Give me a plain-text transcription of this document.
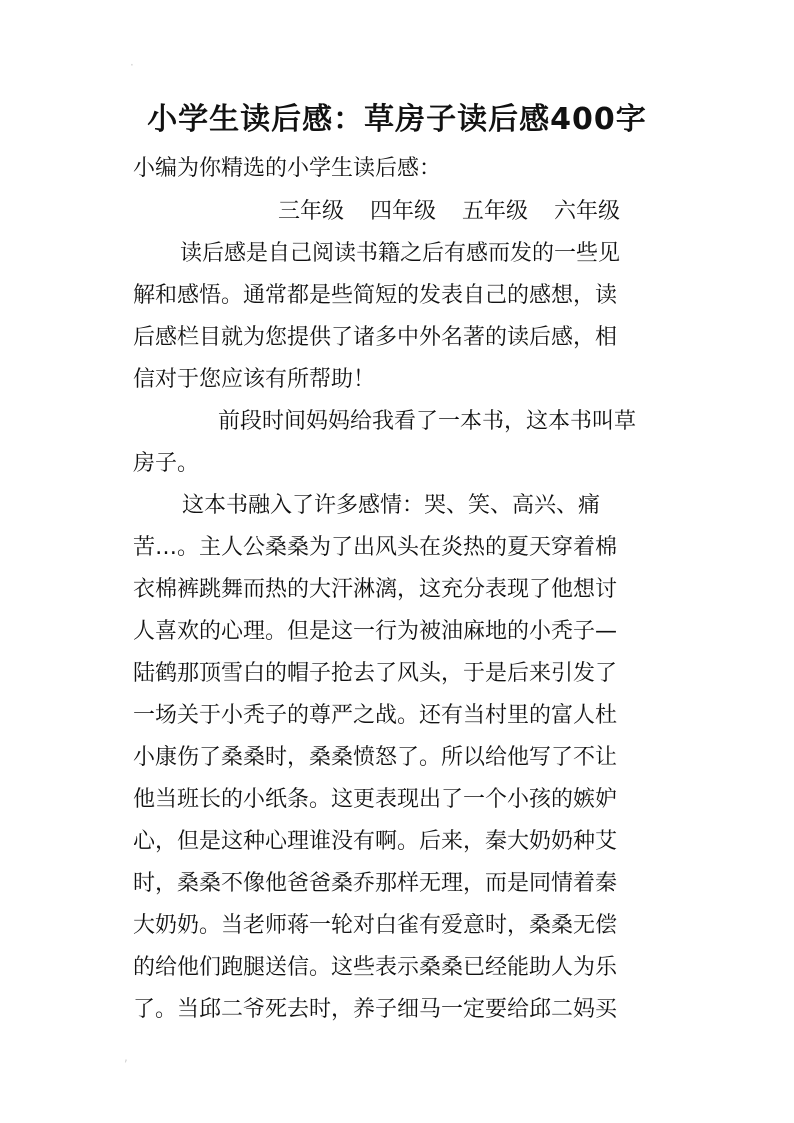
·
小学生读后感：草房子读后感400字
小编为你精选的小学生读后感：
三年级 四年级 五年级 六年级
读后感是自己阅读书籍之后有感而发的一些见
解和感悟。通常都是些简短的发表自己的感想，读
后感栏目就为您提供了诸多中外名著的读后感，相
信对于您应该有所帮助！
前段时间妈妈给我看了一本书，这本书叫草
房子。
这本书融入了许多感情：哭、笑、高兴、痛
苦…。主人公桑桑为了出风头在炎热的夏天穿着棉
衣棉裤跳舞而热的大汗淋漓，这充分表现了他想讨
人喜欢的心理。但是这一行为被油麻地的小秃子—
陆鹤那顶雪白的帽子抢去了风头，于是后来引发了
一场关于小秃子的尊严之战。还有当村里的富人杜
小康伤了桑桑时，桑桑愤怒了。所以给他写了不让
他当班长的小纸条。这更表现出了一个小孩的嫉妒
心，但是这种心理谁没有啊。后来，秦大奶奶种艾
时，桑桑不像他爸爸桑乔那样无理，而是同情着秦
大奶奶。当老师蒋一轮对白雀有爱意时，桑桑无偿
的给他们跑腿送信。这些表示桑桑已经能助人为乐
了。当邱二爷死去时，养子细马一定要给邱二妈买
,
